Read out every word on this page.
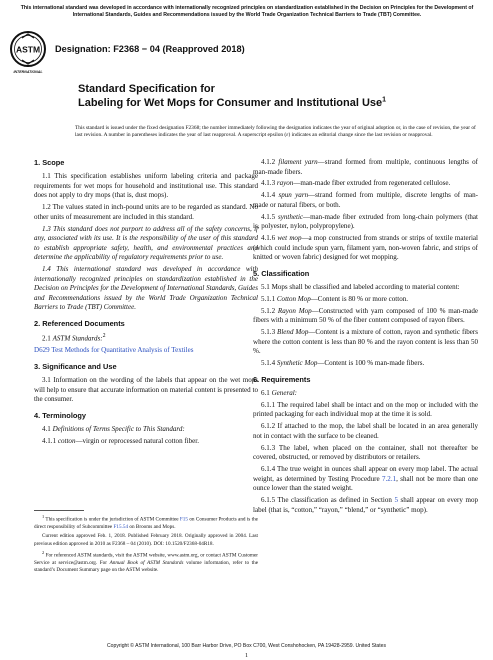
This international standard was developed in accordance with internationally recognized principles on standardization established in the Decision on Principles for the Development of International Standards, Guides and Recommendations issued by the World Trade Organization Technical Barriers to Trade (TBT) Committee.
ASTM
INTERNATIONAL
Designation: F2368 − 04 (Reapproved 2018)
Standard Specification for
Labeling for Wet Mops for Consumer and Institutional Use$^1$
This standard is issued under the fixed designation F2368; the number immediately following the designation indicates the year of original adoption or, in the case of revision, the year of last revision. A number in parentheses indicates the year of last reapproval. A superscript epsilon (ε) indicates an editorial change since the last revision or reapproval.
1. Scope

1.1 This specification establishes uniform labeling criteria and package requirements for wet mops for household and institutional use. This standard does not apply to dry mops (that is, dust mops).

1.2 The values stated in inch-pound units are to be regarded as standard. No other units of measurement are included in this standard.

1.3 This standard does not purport to address all of the safety concerns, if any, associated with its use. It is the responsibility of the user of this standard to establish appropriate safety, health, and environmental practices and determine the applicability of regulatory requirements prior to use.

1.4 This international standard was developed in accordance with internationally recognized principles on standardization established in the Decision on Principles for the Development of International Standards, Guides and Recommendations issued by the World Trade Organization Technical Barriers to Trade (TBT) Committee.

2. Referenced Documents

2.1 ASTM Standards:$^2$

D629 Test Methods for Quantitative Analysis of Textiles

3. Significance and Use

3.1 Information on the wording of the labels that appear on the wet mops will help to ensure that accurate information on material content is presented to the consumer.

4. Terminology

4.1 Definitions of Terms Specific to This Standard:

4.1.1 cotton—virgin or reprocessed natural cotton fiber.

4.1.2 filament yarn—strand formed from multiple, continuous lengths of man-made fibers.

4.1.3 rayon—man-made fiber extruded from regenerated cellulose.

4.1.4 spun yarn—strand formed from multiple, discrete lengths of man-made or natural fibers, or both.

4.1.5 synthetic—man-made fiber extruded from long-chain polymers (that is, polyester, nylon, polypropylene).

4.1.6 wet mop—a mop constructed from strands or strips of textile material (which could include spun yarn, filament yarn, non-woven fabric, and strips of knitted or woven fabric) designed for wet mopping.

5. Classification

5.1 Mops shall be classified and labeled according to material content:

5.1.1 Cotton Mop—Content is 80 % or more cotton.

5.1.2 Rayon Mop—Constructed with yarn composed of 100 % man-made fibers with a minimum 50 % of the fiber content composed of rayon fibers.

5.1.3 Blend Mop—Content is a mixture of cotton, rayon and synthetic fibers where the cotton content is less than 80 % and the rayon content is less than 50 %.

5.1.4 Synthetic Mop—Content is 100 % man-made fibers.

6. Requirements

6.1 General:

6.1.1 The required label shall be intact and on the mop or included with the printed packaging for each individual mop at the time it is sold.

6.1.2 If attached to the mop, the label shall be located in an area generally not in contact with the surface to be cleaned.

6.1.3 The label, when placed on the container, shall not thereafter be covered, obstructed, or removed by distributors or retailers.

6.1.4 The true weight in ounces shall appear on every mop label. The actual weight, as determined by Testing Procedure 7.2.1, shall not be more than one ounce lower than the stated weight.

6.1.5 The classification as defined in Section 5 shall appear on every mop label (that is, “cotton,” “rayon,” “blend,” or “synthetic” mop).

$^1$ This specification is under the jurisdiction of ASTM Committee F15 on Consumer Products and is the direct responsibility of Subcommittee F15.54 on Brooms and Mops.

Current edition approved Feb. 1, 2018. Published February 2018. Originally approved in 2004. Last previous edition approved in 2010 as F2368 – 04 (2010). DOI: 10.1520/F2368-04R18.

$^2$ For referenced ASTM standards, visit the ASTM website, www.astm.org, or contact ASTM Customer Service at service@astm.org. For Annual Book of ASTM Standards volume information, refer to the standard’s Document Summary page on the ASTM website.

Copyright © ASTM International, 100 Barr Harbor Drive, PO Box C700, West Conshohocken, PA 19428-2959. United States
1
